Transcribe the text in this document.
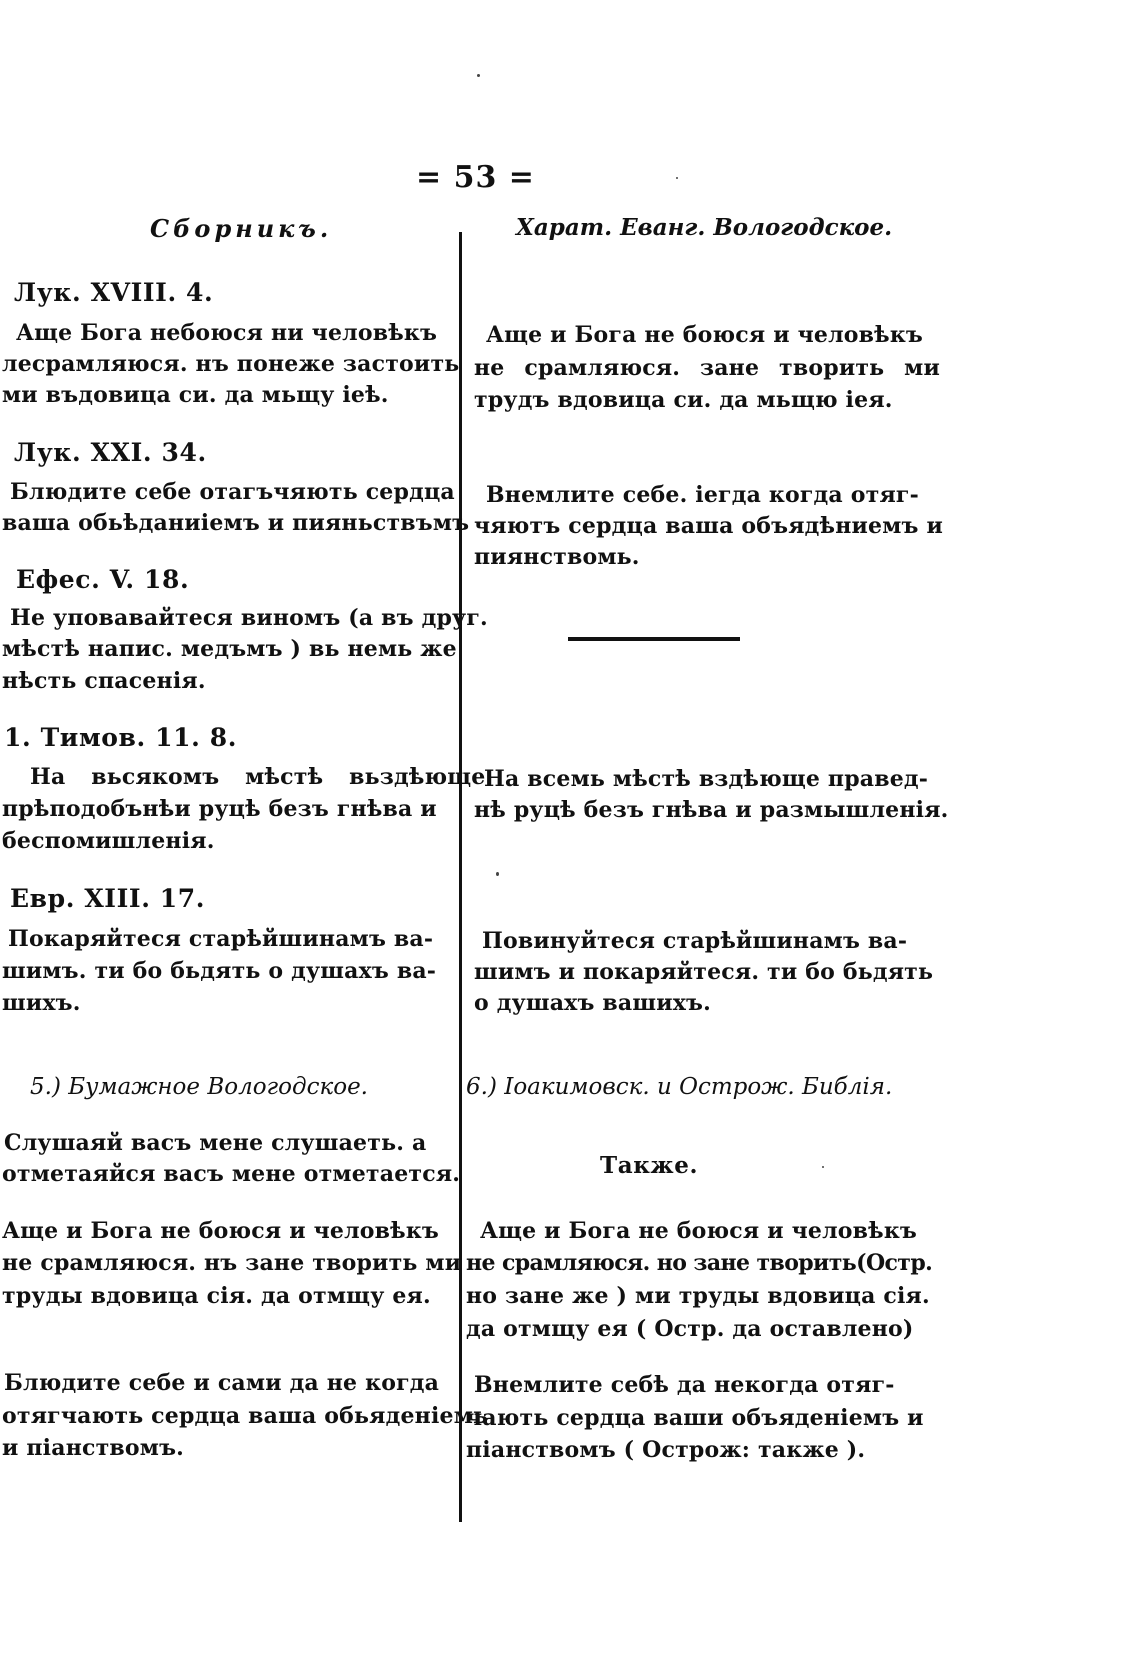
= 53 =
Сборникъ.
Лук. XVIII. 4.
Аще Бога небоюся ни человѣкъ
лесрамляюся. нъ понеже застоить
ми въдовица си. да мьщу іеѣ.
Лук. XXI. 34.
Блюдите себе отагъчяють сердца
ваша обьѣданиіемъ и пияньствъмъ
Ефес. V. 18.
Не уповавайтеся виномъ (а въ друг.
мѣстѣ напис. медъмъ ) вь немь же
нѣсть спасенія.
1. Тимов. 11. 8.
На вьсякомъ мѣстѣ вьздѣюще
прѣподобънѣи руцѣ безъ гнѣва и
беспомишленія.
Евр. XIII. 17.
Покаряйтеся старѣйшинамъ ва-
шимъ. ти бо бьдять о душахъ ва-
шихъ.
5.) Бумажное Вологодское.
Слушаяй васъ мене слушаеть. а
отметаяйся васъ мене отметается.
Аще и Бога не боюся и человѣкъ
не срамляюся. нъ зане творить ми
труды вдовица сія. да отмщу ея.
Блюдите себе и сами да не когда
отягчають сердца ваша обьяденіемь
и піанствомъ.
Харат. Еванг. Вологодское.
Аще и Бога не боюся и человѣкъ
не срамляюся. зане творить ми
трудъ вдовица си. да мьщю іея.
Внемлите себе. іегда когда отяг-
чяютъ сердца ваша объядѣниемъ и
пиянствомь.
На всемь мѣстѣ вздѣюще правед-
нѣ руцѣ безъ гнѣва и размышленія.
Повинуйтеся старѣйшинамъ ва-
шимъ и покаряйтеся. ти бо бьдять
о душахъ вашихъ.
6.) Іоакимовск. и Острож. Библія.
Также.
Аще и Бога не боюся и человѣкъ
не срамляюся. но зане творить(Остр.
но зане же ) ми труды вдовица сія.
да отмщу ея ( Остр. да оставлено)
Внемлите себѣ да некогда отяг-
чають сердца ваши объяденіемъ и
піанствомъ ( Острож: также ).
